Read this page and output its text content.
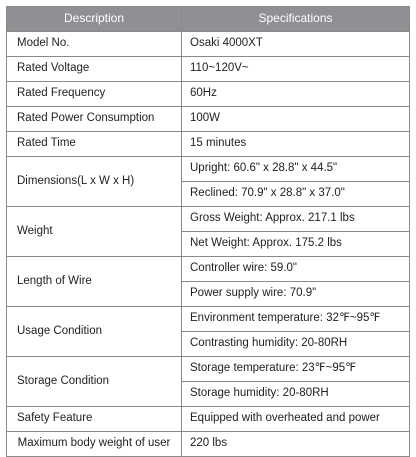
Description	Specifications
Model No.	Osaki 4000XT
Rated Voltage	110~120V~
Rated Frequency	60Hz
Rated Power Consumption	100W
Rated Time	15 minutes
Dimensions(L x W x H)	Upright: 60.6" x 28.8" x 44.5"
	Reclined: 70.9" x 28.8" x 37.0"
Weight	Gross Weight: Approx. 217.1 lbs
	Net Weight: Approx. 175.2 lbs
Length of Wire	Controller wire: 59.0"
	Power supply wire: 70.9"
Usage Condition	Environment temperature: 32℉~95℉
	Contrasting humidity: 20-80RH
Storage Condition	Storage temperature: 23℉~95℉
	Storage humidity: 20-80RH
Safety Feature	Equipped with overheated and power
Maximum body weight of user	220 lbs
